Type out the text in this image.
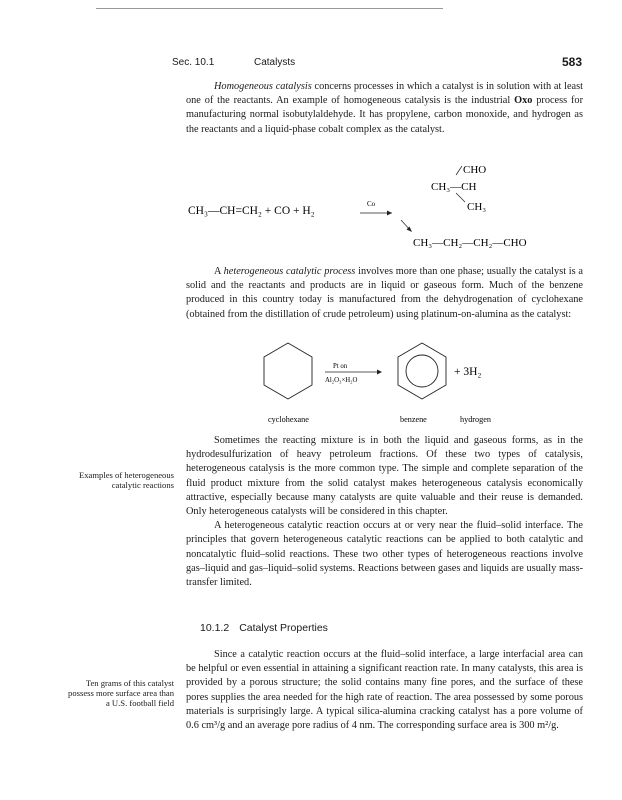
Sec. 10.1	Catalysts	583

Homogeneous catalysis concerns processes in which a catalyst is in solution with at least one of the reactants. An example of homogeneous catalysis is the industrial Oxo process for manufacturing normal isobutylaldehyde. It has propylene, carbon monoxide, and hydrogen as the reactants and a liquid-phase cobalt complex as the catalyst.

CH₃—CH=CH₂ + CO + H₂
Co
CHO
CH₃—CH
CH₃
CH₃—CH₂—CH₂—CHO

A heterogeneous catalytic process involves more than one phase; usually the catalyst is a solid and the reactants and products are in liquid or gaseous form. Much of the benzene produced in this country today is manufactured from the dehydrogenation of cyclohexane (obtained from the distillation of crude petroleum) using platinum-on-alumina as the catalyst:

Pt on
Al₂O₃×H₂O
+ 3H₂
cyclohexane	benzene	hydrogen

Sometimes the reacting mixture is in both the liquid and gaseous forms, as in the hydrodesulfurization of heavy petroleum fractions. Of these two types of catalysis, heterogeneous catalysis is the more common type. The simple and complete separation of the fluid product mixture from the solid catalyst makes heterogeneous catalysis economically attractive, especially because many catalysts are quite valuable and their reuse is demanded. Only heterogeneous catalysts will be considered in this chapter.

A heterogeneous catalytic reaction occurs at or very near the fluid–solid interface. The principles that govern heterogeneous catalytic reactions can be applied to both catalytic and noncatalytic fluid–solid reactions. These two other types of heterogeneous reactions involve gas–liquid and gas–liquid–solid systems. Reactions between gases and liquids are usually mass-transfer limited.

Examples of heterogeneous catalytic reactions
10.1.2 Catalyst Properties

Since a catalytic reaction occurs at the fluid–solid interface, a large interfacial area can be helpful or even essential in attaining a significant reaction rate. In many catalysts, this area is provided by a porous structure; the solid contains many fine pores, and the surface of these pores supplies the area needed for the high rate of reaction. The area possessed by some porous materials is surprisingly large. A typical silica-alumina cracking catalyst has a pore volume of 0.6 cm³/g and an average pore radius of 4 nm. The corresponding surface area is 300 m²/g.

Ten grams of this catalyst possess more surface area than a U.S. football field
